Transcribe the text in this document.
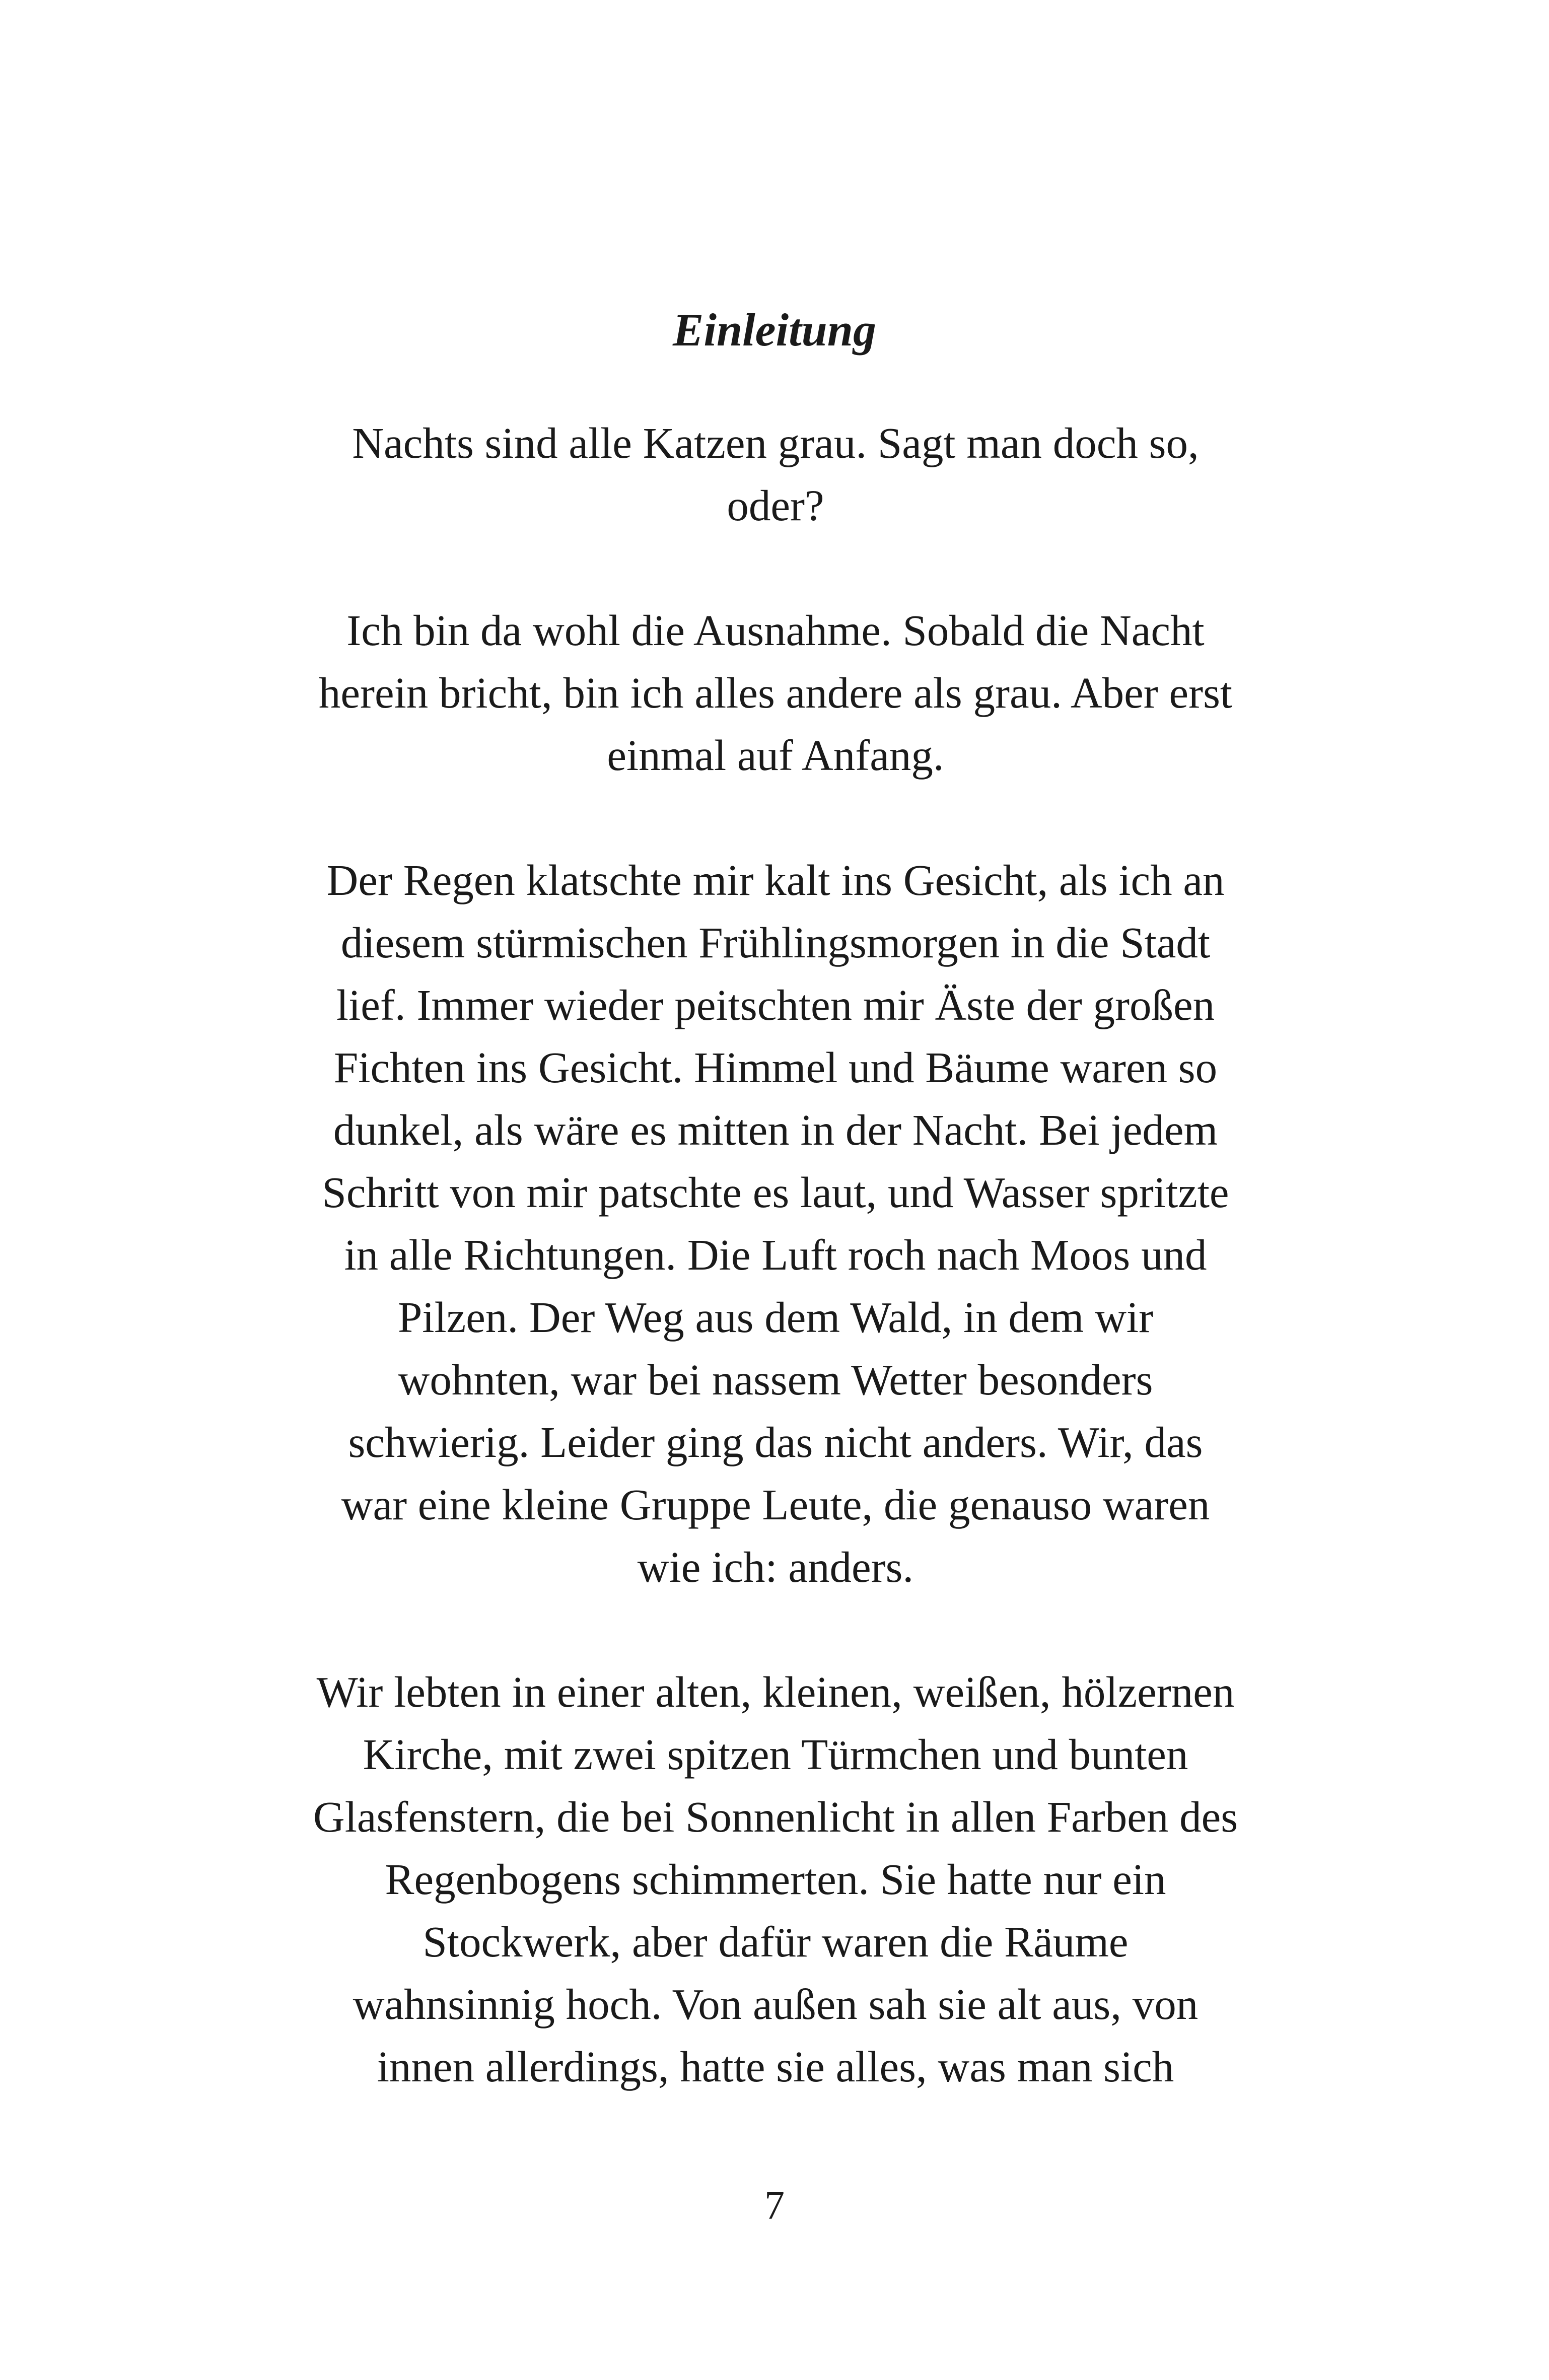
Einleitung

Nachts sind alle Katzen grau. Sagt man doch so,
oder?

Ich bin da wohl die Ausnahme. Sobald die Nacht
herein bricht, bin ich alles andere als grau. Aber erst
einmal auf Anfang.

Der Regen klatschte mir kalt ins Gesicht, als ich an
diesem stürmischen Frühlingsmorgen in die Stadt
lief. Immer wieder peitschten mir Äste der großen
Fichten ins Gesicht. Himmel und Bäume waren so
dunkel, als wäre es mitten in der Nacht. Bei jedem
Schritt von mir patschte es laut, und Wasser spritzte
in alle Richtungen. Die Luft roch nach Moos und
Pilzen. Der Weg aus dem Wald, in dem wir
wohnten, war bei nassem Wetter besonders
schwierig. Leider ging das nicht anders. Wir, das
war eine kleine Gruppe Leute, die genauso waren
wie ich: anders.

Wir lebten in einer alten, kleinen, weißen, hölzernen
Kirche, mit zwei spitzen Türmchen und bunten
Glasfenstern, die bei Sonnenlicht in allen Farben des
Regenbogens schimmerten. Sie hatte nur ein
Stockwerk, aber dafür waren die Räume
wahnsinnig hoch. Von außen sah sie alt aus, von
innen allerdings, hatte sie alles, was man sich

7
